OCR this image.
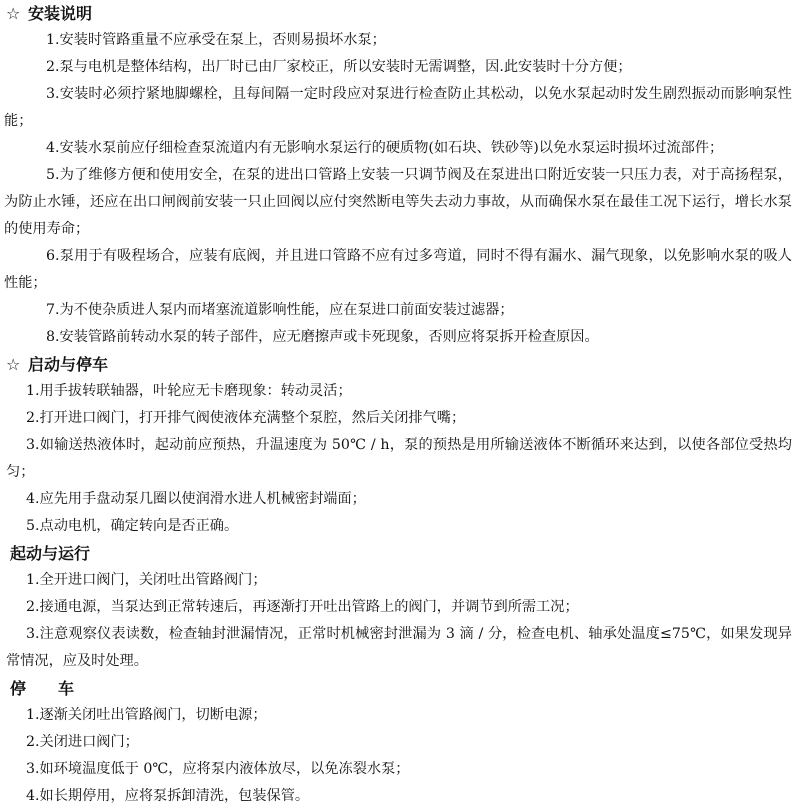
☆ 安装说明

1.安装时管路重量不应承受在泵上，否则易损坏水泵；

2.泵与电机是整体结构，出厂时已由厂家校正，所以安装时无需调整，因.此安装时十分方便；

3.安装时必须拧紧地脚螺栓，且每间隔一定时段应对泵进行检查防止其松动，以免水泵起动时发生剧烈振动而影响泵性能；

4.安装水泵前应仔细检查泵流道内有无影响水泵运行的硬质物(如石块、铁砂等)以免水泵运时损坏过流部件；

5.为了维修方便和使用安全，在泵的进出口管路上安装一只调节阀及在泵进出口附近安装一只压力表，对于高扬程泵，为防止水锤，还应在出口闸阀前安装一只止回阀以应付突然断电等失去动力事故，从而确保水泵在最佳工况下运行，增长水泵的使用寿命；

6.泵用于有吸程场合，应装有底阀，并且进口管路不应有过多弯道，同时不得有漏水、漏气现象，以免影响水泵的吸人性能；

7.为不使杂质进人泵内而堵塞流道影响性能，应在泵进口前面安装过滤器；

8.安装管路前转动水泵的转子部件，应无磨擦声或卡死现象，否则应将泵拆开检查原因。

☆ 启动与停车

1.用手拔转联轴器，叶轮应无卡磨现象：转动灵活；

2.打开进口阀门，打开排气阀使液体充满整个泵腔，然后关闭排气嘴；

3.如输送热液体时，起动前应预热，升温速度为 50℃ / h，泵的预热是用所输送液体不断循环来达到，以使各部位受热均匀；

4.应先用手盘动泵几圈以使润滑水进人机械密封端面；

5.点动电机，确定转向是否正确。

起动与运行

1.全开进口阀门，关闭吐出管路阀门；

2.接通电源，当泵达到正常转速后，再逐渐打开吐出管路上的阀门，并调节到所需工况；

3.注意观察仪表读数，检查轴封泄漏情况，正常时机械密封泄漏为 3 滴 / 分，检查电机、轴承处温度≤75℃，如果发现异常情况，应及时处理。

停　　车

1.逐渐关闭吐出管路阀门，切断电源；

2.关闭进口阀门；

3.如环境温度低于 0℃，应将泵内液体放尽，以免冻裂水泵；

4.如长期停用，应将泵拆卸清洗，包装保管。
